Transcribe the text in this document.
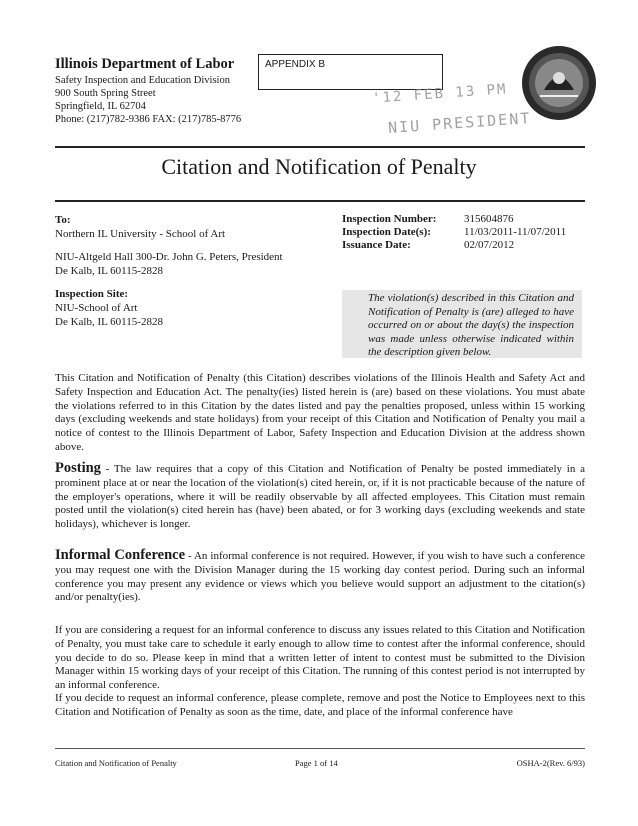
Illinois Department of Labor
Safety Inspection and Education Division
900 South Spring Street
Springfield, IL 62704
Phone: (217)782-9386 FAX: (217)785-8776
APPENDIX B
'12 FEB 13 PM
NIU PRESIDENT
Citation and Notification of Penalty
To:
Northern IL University - School of Art
NIU-Altgeld Hall 300-Dr. John G. Peters, President
De Kalb, IL 60115-2828
Inspection Site:
NIU-School of Art
De Kalb, IL 60115-2828
Inspection Number:	315604876
Inspection Date(s):	11/03/2011-11/07/2011
Issuance Date:	02/07/2012
The violation(s) described in this Citation and Notification of Penalty is (are) alleged to have occurred on or about the day(s) the inspection was made unless otherwise indicated within the description given below.
This Citation and Notification of Penalty (this Citation) describes violations of the Illinois Health and Safety Act and Safety Inspection and Education Act. The penalty(ies) listed herein is (are) based on these violations. You must abate the violations referred to in this Citation by the dates listed and pay the penalties proposed, unless within 15 working days (excluding weekends and state holidays) from your receipt of this Citation and Notification of Penalty you mail a notice of contest to the Illinois Department of Labor, Safety Inspection and Education Division at the address shown above.
Posting - The law requires that a copy of this Citation and Notification of Penalty be posted immediately in a prominent place at or near the location of the violation(s) cited herein, or, if it is not practicable because of the nature of the employer's operations, where it will be readily observable by all affected employees. This Citation must remain posted until the violation(s) cited herein has (have) been abated, or for 3 working days (excluding weekends and state holidays), whichever is longer.
Informal Conference - An informal conference is not required. However, if you wish to have such a conference you may request one with the Division Manager during the 15 working day contest period. During such an informal conference you may present any evidence or views which you believe would support an adjustment to the citation(s) and/or penalty(ies).
If you are considering a request for an informal conference to discuss any issues related to this Citation and Notification of Penalty, you must take care to schedule it early enough to allow time to contest after the informal conference, should you decide to do so. Please keep in mind that a written letter of intent to contest must be submitted to the Division Manager within 15 working days of your receipt of this Citation. The running of this contest period is not interrupted by an informal conference.
If you decide to request an informal conference, please complete, remove and post the Notice to Employees next to this Citation and Notification of Penalty as soon as the time, date, and place of the informal conference have
Citation and Notification of Penalty	Page 1 of 14	OSHA-2(Rev. 6/93)
